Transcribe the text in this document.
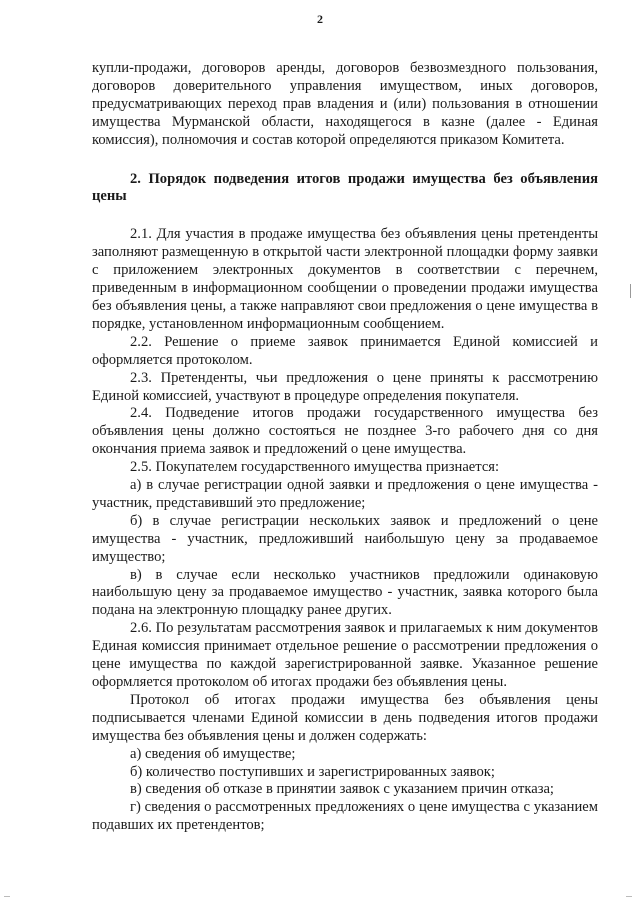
2

купли-продажи, договоров аренды, договоров безвозмездного пользования, договоров доверительного управления имуществом, иных договоров, предусматривающих переход прав владения и (или) пользования в отношении имущества Мурманской области, находящегося в казне (далее - Единая комиссия), полномочия и состав которой определяются приказом Комитета.

2. Порядок подведения итогов продажи имущества без объявления цены

2.1. Для участия в продаже имущества без объявления цены претенденты заполняют размещенную в открытой части электронной площадки форму заявки с приложением электронных документов в соответствии с перечнем, приведенным в информационном сообщении о проведении продажи имущества без объявления цены, а также направляют свои предложения о цене имущества в порядке, установленном информационным сообщением.

2.2. Решение о приеме заявок принимается Единой комиссией и оформляется протоколом.

2.3. Претенденты, чьи предложения о цене приняты к рассмотрению Единой комиссией, участвуют в процедуре определения покупателя.

2.4. Подведение итогов продажи государственного имущества без объявления цены должно состояться не позднее 3-го рабочего дня со дня окончания приема заявок и предложений о цене имущества.

2.5. Покупателем государственного имущества признается:

а) в случае регистрации одной заявки и предложения о цене имущества - участник, представивший это предложение;

б) в случае регистрации нескольких заявок и предложений о цене имущества - участник, предложивший наибольшую цену за продаваемое имущество;

в) в случае если несколько участников предложили одинаковую наибольшую цену за продаваемое имущество - участник, заявка которого была подана на электронную площадку ранее других.

2.6. По результатам рассмотрения заявок и прилагаемых к ним документов Единая комиссия принимает отдельное решение о рассмотрении предложения о цене имущества по каждой зарегистрированной заявке. Указанное решение оформляется протоколом об итогах продажи без объявления цены.

Протокол об итогах продажи имущества без объявления цены подписывается членами Единой комиссии в день подведения итогов продажи имущества без объявления цены и должен содержать:

а) сведения об имуществе;

б) количество поступивших и зарегистрированных заявок;

в) сведения об отказе в принятии заявок с указанием причин отказа;

г) сведения о рассмотренных предложениях о цене имущества с указанием подавших их претендентов;
